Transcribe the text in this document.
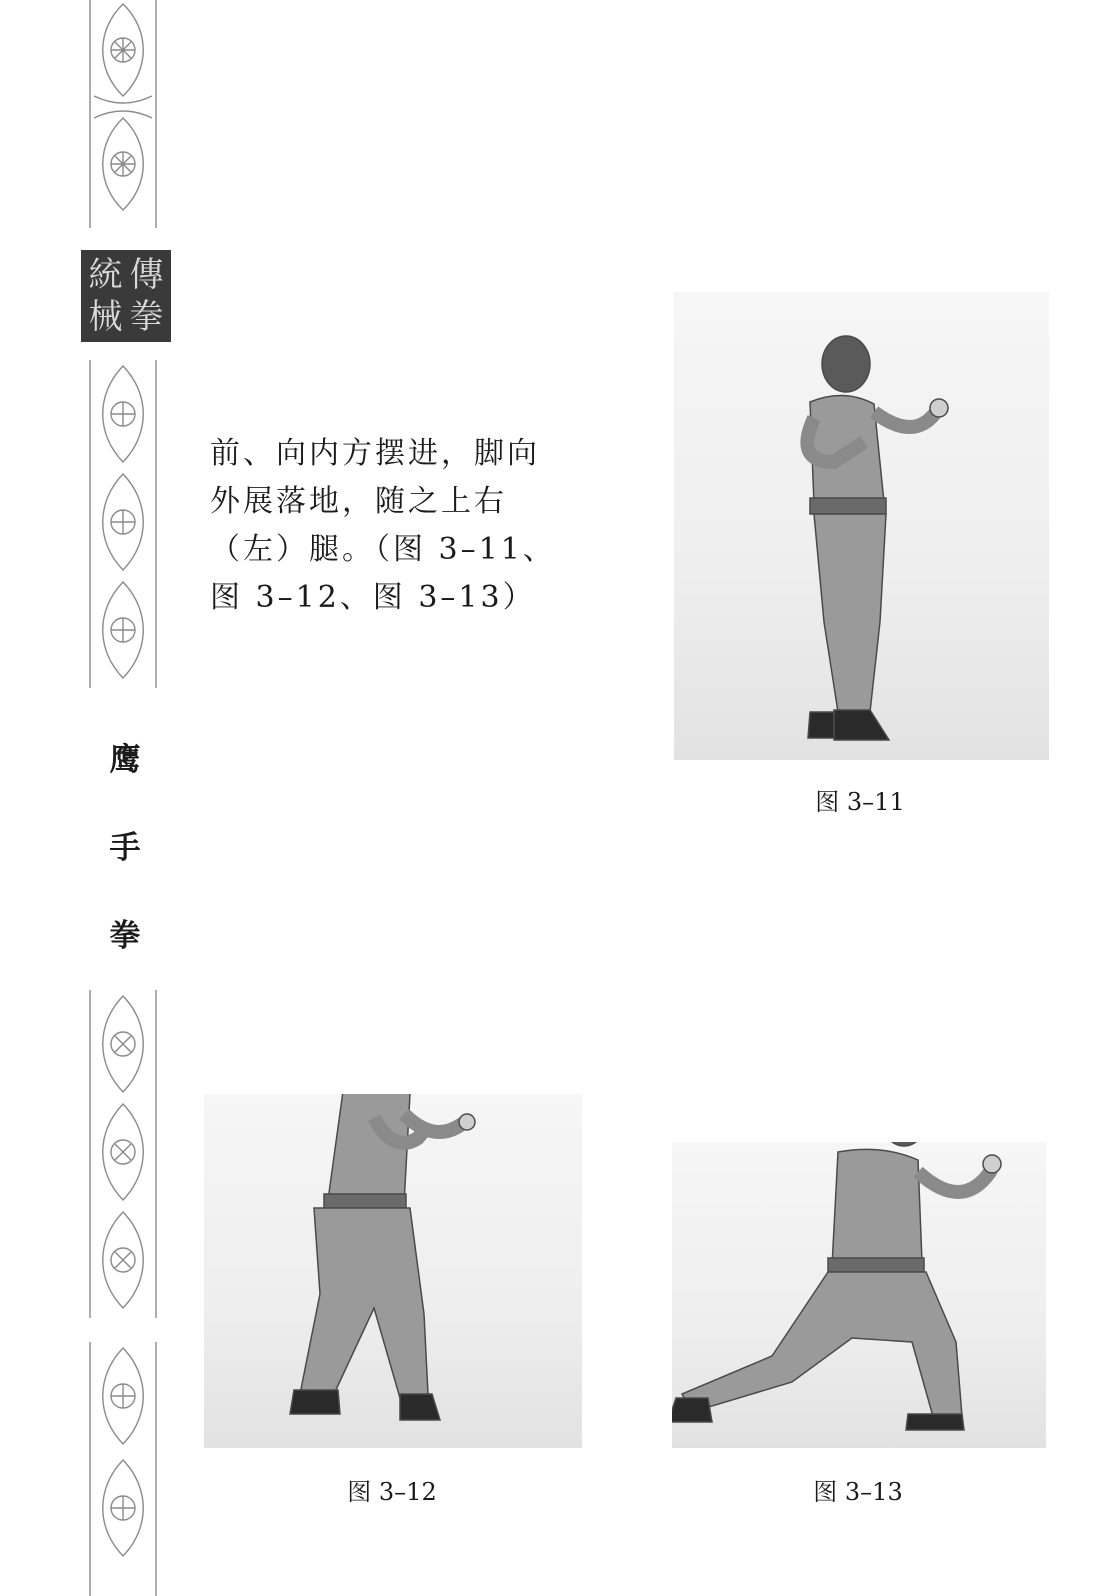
統 傳
械 拳
鹰
手
拳

前、向内方摆进，脚向

外展落地，随之上右

（左）腿。（图 3–11、

图 3–12、图 3–13）

图 3–11
图 3–12	图 3–13
